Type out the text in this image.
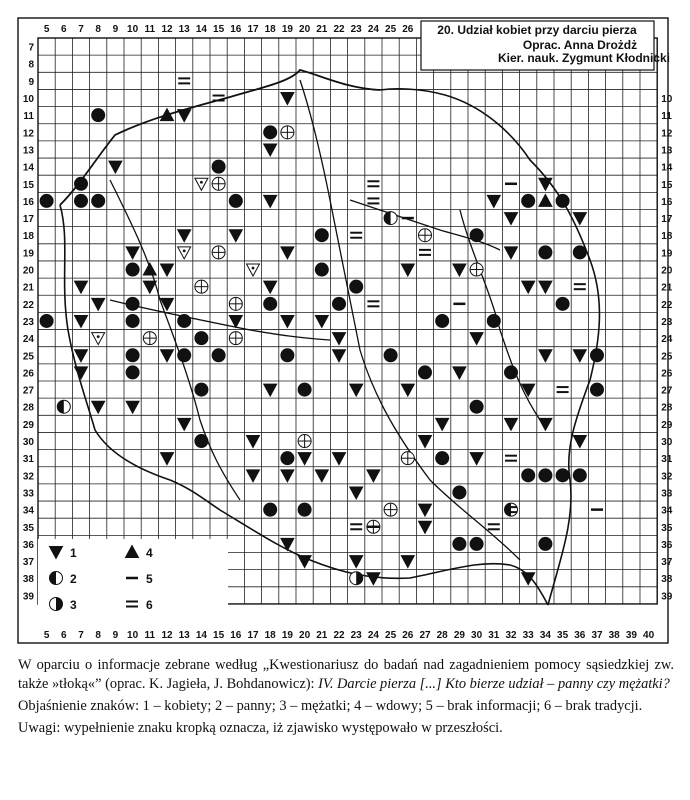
5 6 7 8 9 10 11 12 13 14 15 16 17 18 19 20 21 22 23 24 25 26
5 6 7 8 9 10 11 12 13 14 15 16 17 18 19 20 21 22 23 24 25 26 27 28 29 30 31 32 33 34 35 36 37 38 39 40
7
8
9
10
11
12
13
14
15
16
17
18
19
20
21
22
23
24
25
26
27
28
29
30
31
32
33
34
35
36
37
38
39
10
11
12
13
14
15
16
17
18
19
20
21
22
23
24
25
26
27
28
29
30
31
32
33
34
35
36
37
38
39
20. Udział kobiet przy darciu pierza
Oprac. Anna Drożdż
Kier. nauk. Zygmunt Kłodnicki
1
2
3
4
5
6

W oparciu o informacje zebrane według „Kwestionariusz do badań nad zagadnieniem pomocy sąsiedzkiej zw. także »tłoką«” (oprac. K. Jagieła, J. Bohdanowicz): IV. Darcie pierza [...] Kto bierze udział – panny czy mężatki?

Objaśnienie znaków: 1 – kobiety; 2 – panny; 3 – mężatki; 4 – wdowy; 5 – brak informacji; 6 – brak tradycji.

Uwagi: wypełnienie znaku kropką oznacza, iż zjawisko występowało w przeszłości.
